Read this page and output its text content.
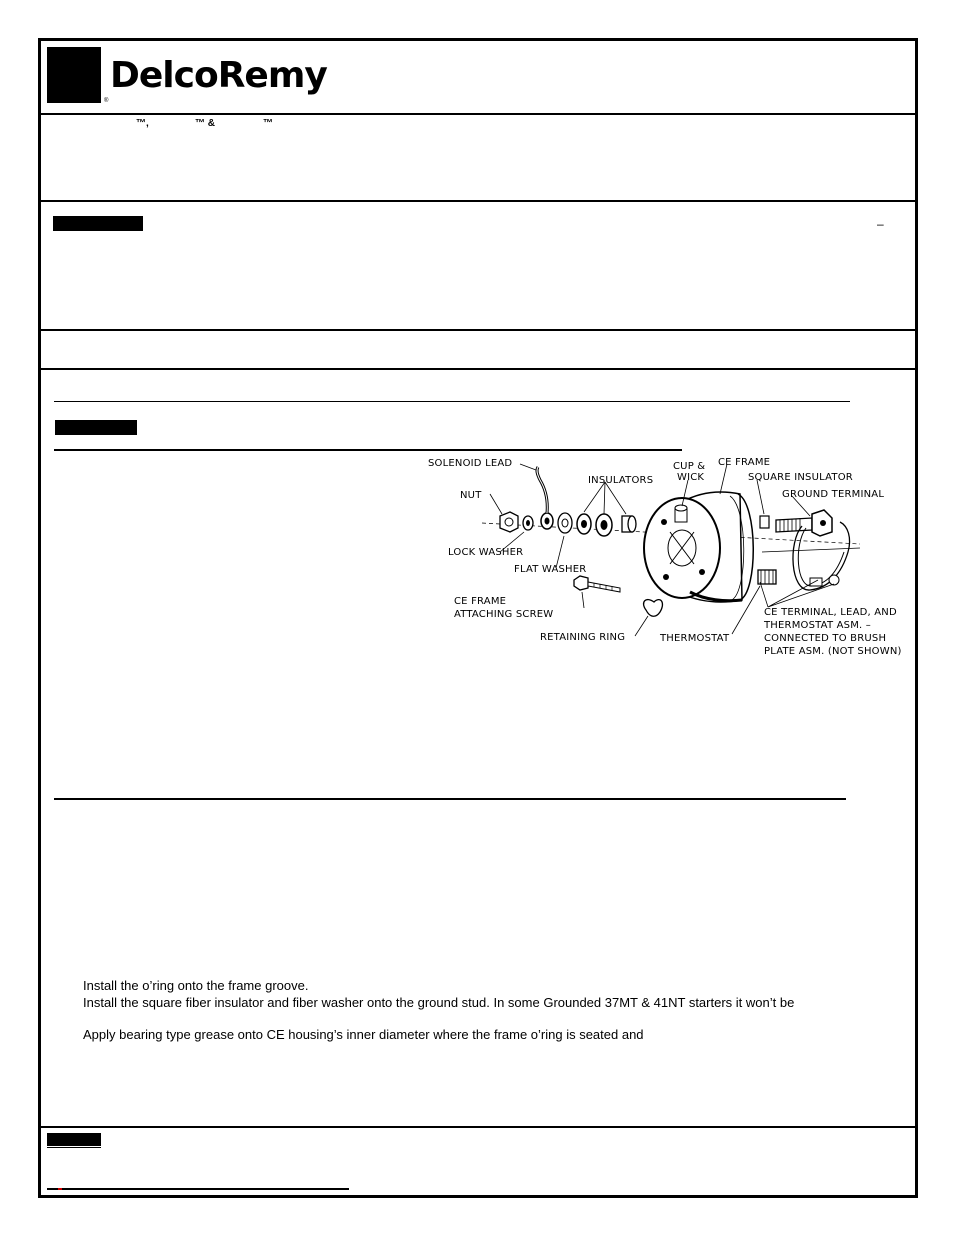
DelcoRemy
®
™,	™ &	™
–
SOLENOID LEAD	CUP &
WICK
CE FRAME
INSULATORS	SQUARE INSULATOR
NUT	GROUND TERMINAL
LOCK WASHER
FLAT WASHER
CE FRAME
ATTACHING SCREW
RETAINING RING	THERMOSTAT
CE TERMINAL, LEAD, AND
THERMOSTAT ASM. –
CONNECTED TO BRUSH
PLATE ASM. (NOT SHOWN)
Install the o’ring onto the frame groove.
Install the square fiber insulator and fiber washer onto the ground stud. In some Grounded 37MT & 41NT starters it won’t be
Apply bearing type grease onto CE housing’s inner diameter where the frame o’ring is seated and
